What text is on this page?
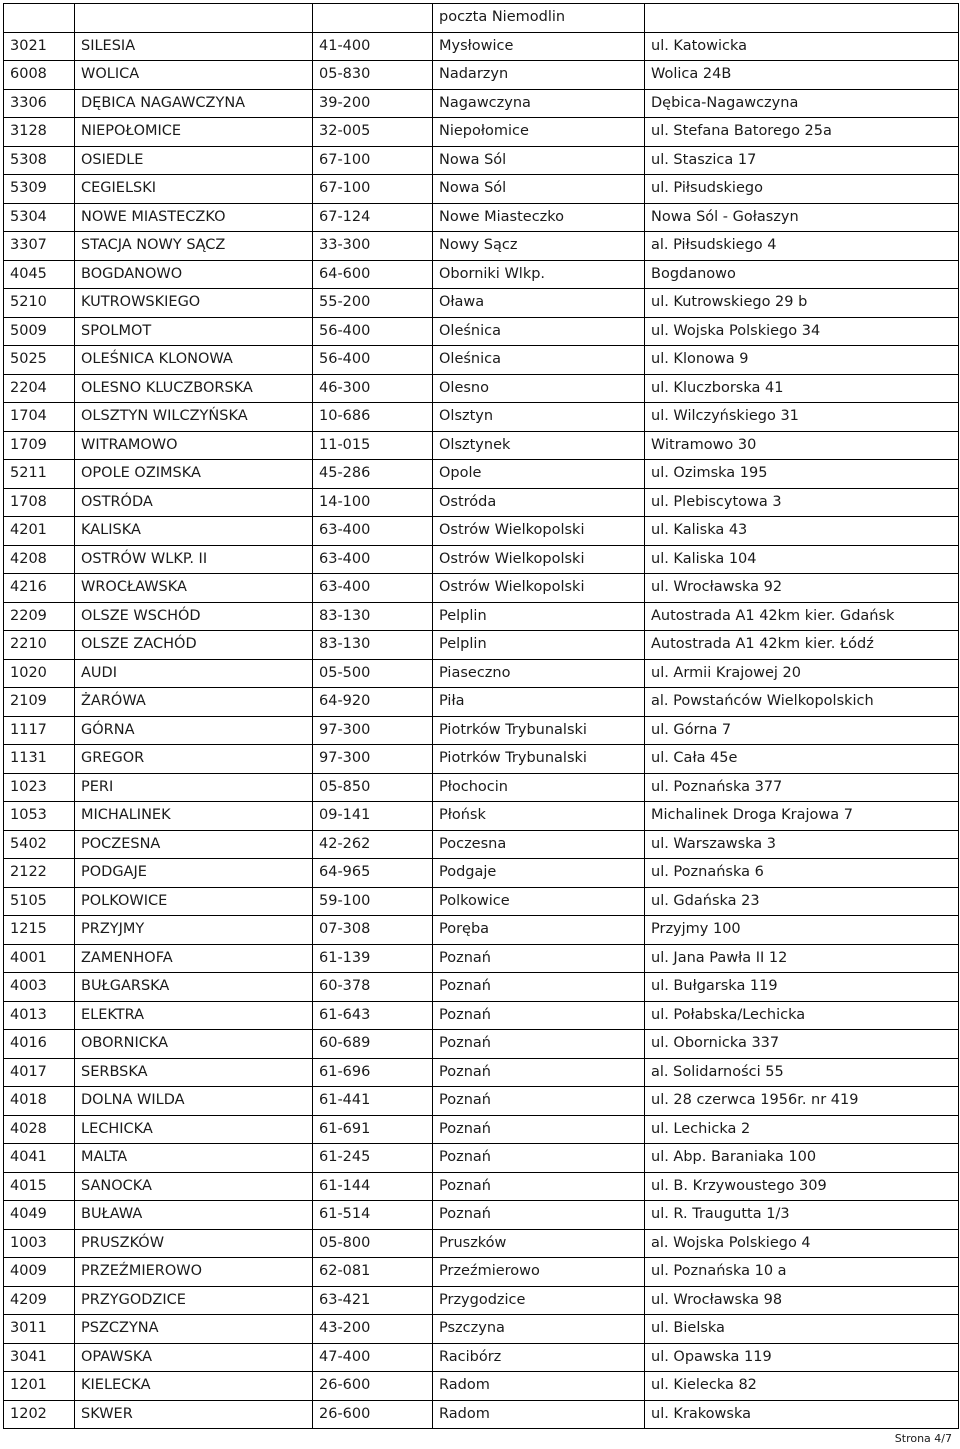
			poczta Niemodlin	
3021	SILESIA	41-400	Mysłowice	ul. Katowicka
6008	WOLICA	05-830	Nadarzyn	Wolica 24B
3306	DĘBICA NAGAWCZYNA	39-200	Nagawczyna	Dębica-Nagawczyna
3128	NIEPOŁOMICE	32-005	Niepołomice	ul. Stefana Batorego 25a
5308	OSIEDLE	67-100	Nowa Sól	ul. Staszica 17
5309	CEGIELSKI	67-100	Nowa Sól	ul. Piłsudskiego
5304	NOWE MIASTECZKO	67-124	Nowe Miasteczko	Nowa Sól - Gołaszyn
3307	STACJA NOWY SĄCZ	33-300	Nowy Sącz	al. Piłsudskiego 4
4045	BOGDANOWO	64-600	Oborniki Wlkp.	Bogdanowo
5210	KUTROWSKIEGO	55-200	Oława	ul. Kutrowskiego 29 b
5009	SPOLMOT	56-400	Oleśnica	ul. Wojska Polskiego 34
5025	OLEŚNICA KLONOWA	56-400	Oleśnica	ul. Klonowa 9
2204	OLESNO KLUCZBORSKA	46-300	Olesno	ul. Kluczborska 41
1704	OLSZTYN WILCZYŃSKA	10-686	Olsztyn	ul. Wilczyńskiego 31
1709	WITRAMOWO	11-015	Olsztynek	Witramowo 30
5211	OPOLE OZIMSKA	45-286	Opole	ul. Ozimska 195
1708	OSTRÓDA	14-100	Ostróda	ul. Plebiscytowa 3
4201	KALISKA	63-400	Ostrów Wielkopolski	ul. Kaliska 43
4208	OSTRÓW WLKP. II	63-400	Ostrów Wielkopolski	ul. Kaliska 104
4216	WROCŁAWSKA	63-400	Ostrów Wielkopolski	ul. Wrocławska 92
2209	OLSZE WSCHÓD	83-130	Pelplin	Autostrada A1 42km kier. Gdańsk
2210	OLSZE ZACHÓD	83-130	Pelplin	Autostrada A1 42km kier. Łódź
1020	AUDI	05-500	Piaseczno	ul. Armii Krajowej 20
2109	ŻARÓWA	64-920	Piła	al. Powstańców Wielkopolskich
1117	GÓRNA	97-300	Piotrków Trybunalski	ul. Górna 7
1131	GREGOR	97-300	Piotrków Trybunalski	ul. Cała 45e
1023	PERI	05-850	Płochocin	ul. Poznańska 377
1053	MICHALINEK	09-141	Płońsk	Michalinek Droga Krajowa 7
5402	POCZESNA	42-262	Poczesna	ul. Warszawska 3
2122	PODGAJE	64-965	Podgaje	ul. Poznańska 6
5105	POLKOWICE	59-100	Polkowice	ul. Gdańska 23
1215	PRZYJMY	07-308	Poręba	Przyjmy 100
4001	ZAMENHOFA	61-139	Poznań	ul. Jana Pawła II 12
4003	BUŁGARSKA	60-378	Poznań	ul. Bułgarska 119
4013	ELEKTRA	61-643	Poznań	ul. Połabska/Lechicka
4016	OBORNICKA	60-689	Poznań	ul. Obornicka 337
4017	SERBSKA	61-696	Poznań	al. Solidarności 55
4018	DOLNA WILDA	61-441	Poznań	ul. 28 czerwca 1956r. nr 419
4028	LECHICKA	61-691	Poznań	ul. Lechicka 2
4041	MALTA	61-245	Poznań	ul. Abp. Baraniaka 100
4015	SANOCKA	61-144	Poznań	ul. B. Krzywoustego 309
4049	BUŁAWA	61-514	Poznań	ul. R. Traugutta 1/3
1003	PRUSZKÓW	05-800	Pruszków	al. Wojska Polskiego 4
4009	PRZEŹMIEROWO	62-081	Przeźmierowo	ul. Poznańska 10 a
4209	PRZYGODZICE	63-421	Przygodzice	ul. Wrocławska 98
3011	PSZCZYNA	43-200	Pszczyna	ul. Bielska
3041	OPAWSKA	47-400	Racibórz	ul. Opawska 119
1201	KIELECKA	26-600	Radom	ul. Kielecka 82
1202	SKWER	26-600	Radom	ul. Krakowska
Strona 4/7
